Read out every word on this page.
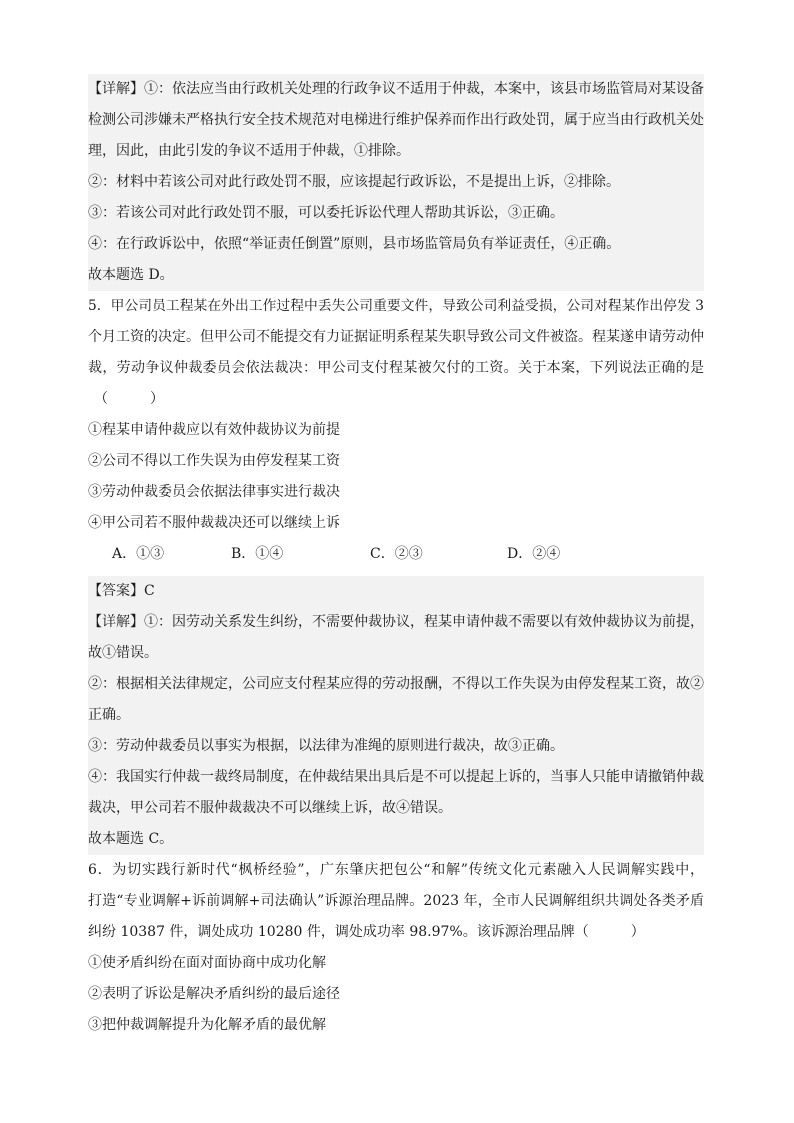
【详解】①：依法应当由行政机关处理的行政争议不适用于仲裁，本案中，该县市场监管局对某设备
检测公司涉嫌未严格执行安全技术规范对电梯进行维护保养而作出行政处罚，属于应当由行政机关处
理，因此，由此引发的争议不适用于仲裁，①排除。
②：材料中若该公司对此行政处罚不服，应该提起行政诉讼，不是提出上诉，②排除。
③：若该公司对此行政处罚不服，可以委托诉讼代理人帮助其诉讼，③正确。
④：在行政诉讼中，依照“举证责任倒置”原则，县市场监管局负有举证责任，④正确。
故本题选 D。
5．甲公司员工程某在外出工作过程中丢失公司重要文件，导致公司利益受损，公司对程某作出停发 3
个月工资的决定。但甲公司不能提交有力证据证明系程某失职导致公司文件被盗。程某遂申请劳动仲
裁，劳动争议仲裁委员会依法裁决：甲公司支付程某被欠付的工资。关于本案，下列说法正确的是
（　　　）
①程某申请仲裁应以有效仲裁协议为前提
②公司不得以工作失误为由停发程某工资
③劳动仲裁委员会依据法律事实进行裁决
④甲公司若不服仲裁裁决还可以继续上诉
A．①③	B．①④	C．②③	D．②④
【答案】C
【详解】①：因劳动关系发生纠纷，不需要仲裁协议，程某申请仲裁不需要以有效仲裁协议为前提，
故①错误。
②：根据相关法律规定，公司应支付程某应得的劳动报酬，不得以工作失误为由停发程某工资，故②
正确。
③：劳动仲裁委员以事实为根据，以法律为准绳的原则进行裁决，故③正确。
④：我国实行仲裁一裁终局制度，在仲裁结果出具后是不可以提起上诉的，当事人只能申请撤销仲裁
裁决，甲公司若不服仲裁裁决不可以继续上诉，故④错误。
故本题选 C。
6．为切实践行新时代“枫桥经验”，广东肇庆把包公“和解”传统文化元素融入人民调解实践中，
打造“专业调解+诉前调解+司法确认”诉源治理品牌。2023 年，全市人民调解组织共调处各类矛盾
纠纷 10387 件，调处成功 10280 件，调处成功率 98.97%。该诉源治理品牌（　　　）
①使矛盾纠纷在面对面协商中成功化解
②表明了诉讼是解决矛盾纠纷的最后途径
③把仲裁调解提升为化解矛盾的最优解
